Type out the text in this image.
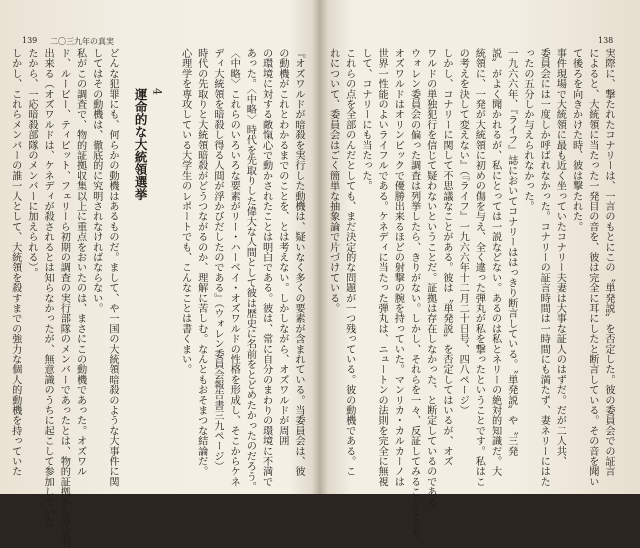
139 二〇三九年の真実	138
『オズワルドが暗殺を実行した動機は、疑いなく多くの要素が含まれている。当委員会は、彼
の動機がこれとわかるまでのことを、とは考えない。しかしながら、オズワルドが周囲
の環境に対する敵愾心で動かされたことは明白である。彼は、常に自分のまわりの環境に不満で
あった。〈中略〉時代を先取りした偉大な人間として彼は歴史に名前をとどめたかったのだろう。
〈中略〉これらのいろいろな要素がリー・ハーベイ・オズワルドの性格を形成し、そこからケネ
ディ大統領を暗殺し得る人間が浮かびだしたのである』（ウォレン委員会報告書三九ページ）
時代の先取りと大統領暗殺がどうつながるのか、理解に苦しむ。なんともおそまつな結論だ。
心理学を専攻している大学生のレポートでも、こんなことは書くまい。
4
運命的な大統領選挙
どんな犯罪にも、何らかの動機はあるものだ。まして、や一国の大統領暗殺のような大事件に関
してはその動機は、徹底的に究明されなければならない。
私がこの調査で、物的証拠収集以上に重点をおいたのは、まさにこの動機であった。オズワル
ド、ルービー、ティピット、フェリーら初期の調査の実行部隊のメンバーであったとは、物的証拠から分証明
出来る（オズワルドは、ケネディが殺されるとは知らなかったが、無意識のうちに起こして参加していた
たから、一応暗殺部隊のメンバーに加えられる）。
しかし、これらメンバーの誰一人として、大統領を殺すまでの強力な個人的動機を持っていた	実際に、撃たれたコナリーは、一言のもとにこの〝単発説〟を否定した。彼の委員会での証言
によると、大統領に当たった一発目の音を、彼は完全に耳にしたと断言している。その音を聞い
て後ろを向きかけた時、彼は撃たれた。
事件現場で大統領に最も近く坐っていたコナリー夫妻は大事な証人のはずだ。だが二人共、
委員会には一度しか呼ばれなかった。コナリーの証言時間は一時間にも満たず、妻ネリーにはた
ったの五分しか与えられなかった。
一九六六年、『ライフ』誌においてコナリーははっきり断言している。〝単発説〟や〝三発
説〟がよく聞かれるが、私にとっては一説などない。あるのは私とネリーの絶対的知識だ。大
統領に、一発が大統領に初めの傷を与え、全く違った弾丸が私を撃ったということです。私はこ
の考えを決して変えない』（『ライフ』一九六六年十二月二十日号、四八ページ）
しかし、コナリーに関して不思議なことがある。彼は〝単発説〟を否定してはいるが、オズ
ワルドの単独犯行を信じて疑わないということだ。証拠は存在しなかった、と断定しているのである。
ウォレン委員会の偏った調査は列挙したら、きりがない。しかし、それらを一々、反証してみることよりも
オズワルドはオリンピックで優勝出来るほどの射撃の腕を持っていた。マンリカ・カルカーノは
世界一性能のよいライフルである。ケネディに当たった弾丸は、ニュートンの法則を完全に無視
して、コナリーにも当たった。
これらの点を全部のんだとしても、まだ決定的な問題が一つ残っている。彼の動機である。こ
れについて、委員会はごく簡単な抽象論で片づけている。
